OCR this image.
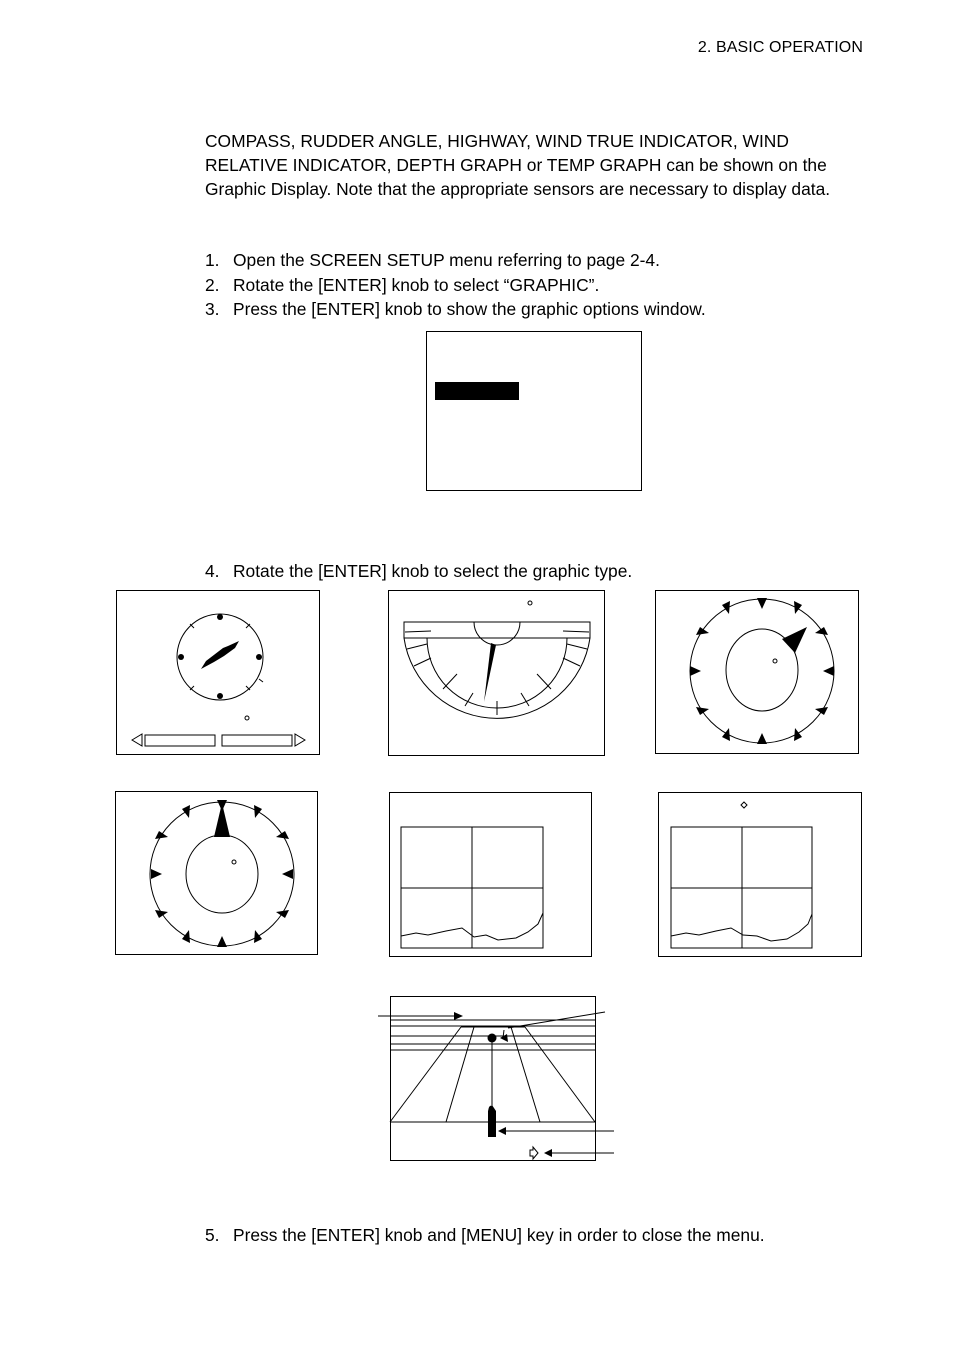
2. BASIC OPERATION

COMPASS, RUDDER ANGLE, HIGHWAY, WIND TRUE INDICATOR, WIND RELATIVE INDICATOR, DEPTH GRAPH or TEMP GRAPH can be shown on the Graphic Display. Note that the appropriate sensors are necessary to display data.

1. Open the SCREEN SETUP menu referring to page 2-4.
2. Rotate the [ENTER] knob to select “GRAPHIC”.
3. Press the [ENTER] knob to show the graphic options window.
4. Rotate the [ENTER] knob to select the graphic type.
5. Press the [ENTER] knob and [MENU] key in order to close the menu.
